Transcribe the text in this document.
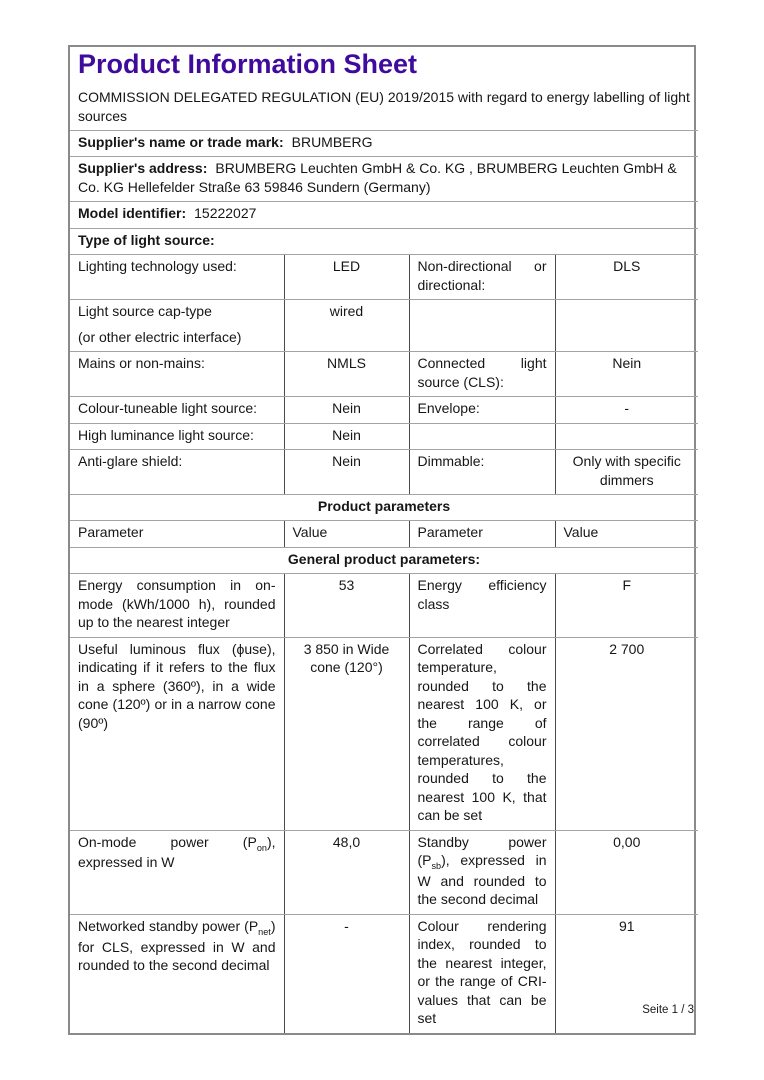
Product Information Sheet
COMMISSION DELEGATED REGULATION (EU) 2019/2015 with regard to energy labelling of light sources			

Supplier's name or trade mark: BRUMBERG			
Supplier's address: BRUMBERG Leuchten GmbH & Co. KG , BRUMBERG Leuchten GmbH & Co. KG Hellefelder Straße 63 59846 Sundern (Germany)			
Model identifier: 15222027			
Type of light source:			
Lighting technology used:	LED	Non-directional or directional:	DLS

Light source cap-type
(or other electric interface)	wired		
Mains or non-mains:	NMLS	Connected light source (CLS):	Nein
Colour-tuneable light source:	Nein	Envelope:	-
High luminance light source:	Nein		
Anti-glare shield:	Nein	Dimmable:	Only with specific dimmers
Product parameters			
Parameter	Value	Parameter	Value
General product parameters:			
Energy consumption in on-mode (kWh/1000 h), rounded up to the nearest integer	53	Energy efficiency class	F
Useful luminous flux (ϕuse), indicating if it refers to the flux in a sphere (360º), in a wide cone (120º) or in a narrow cone (90º)	3 850 in Wide cone (120°)	Correlated colour temperature, rounded to the nearest 100 K, or the range of correlated colour temperatures, rounded to the nearest 100 K, that can be set	2 700
On-mode power $(P_{on})$, expressed in W	48,0	Standby power $(P_{sb})$, expressed in W and rounded to the second decimal	0,00
Networked standby power $(P_{net})$ for CLS, expressed in W and rounded to the second decimal	-	Colour rendering index, rounded to the nearest integer, or the range of CRI-values that can be set	91
Seite 1 / 3
